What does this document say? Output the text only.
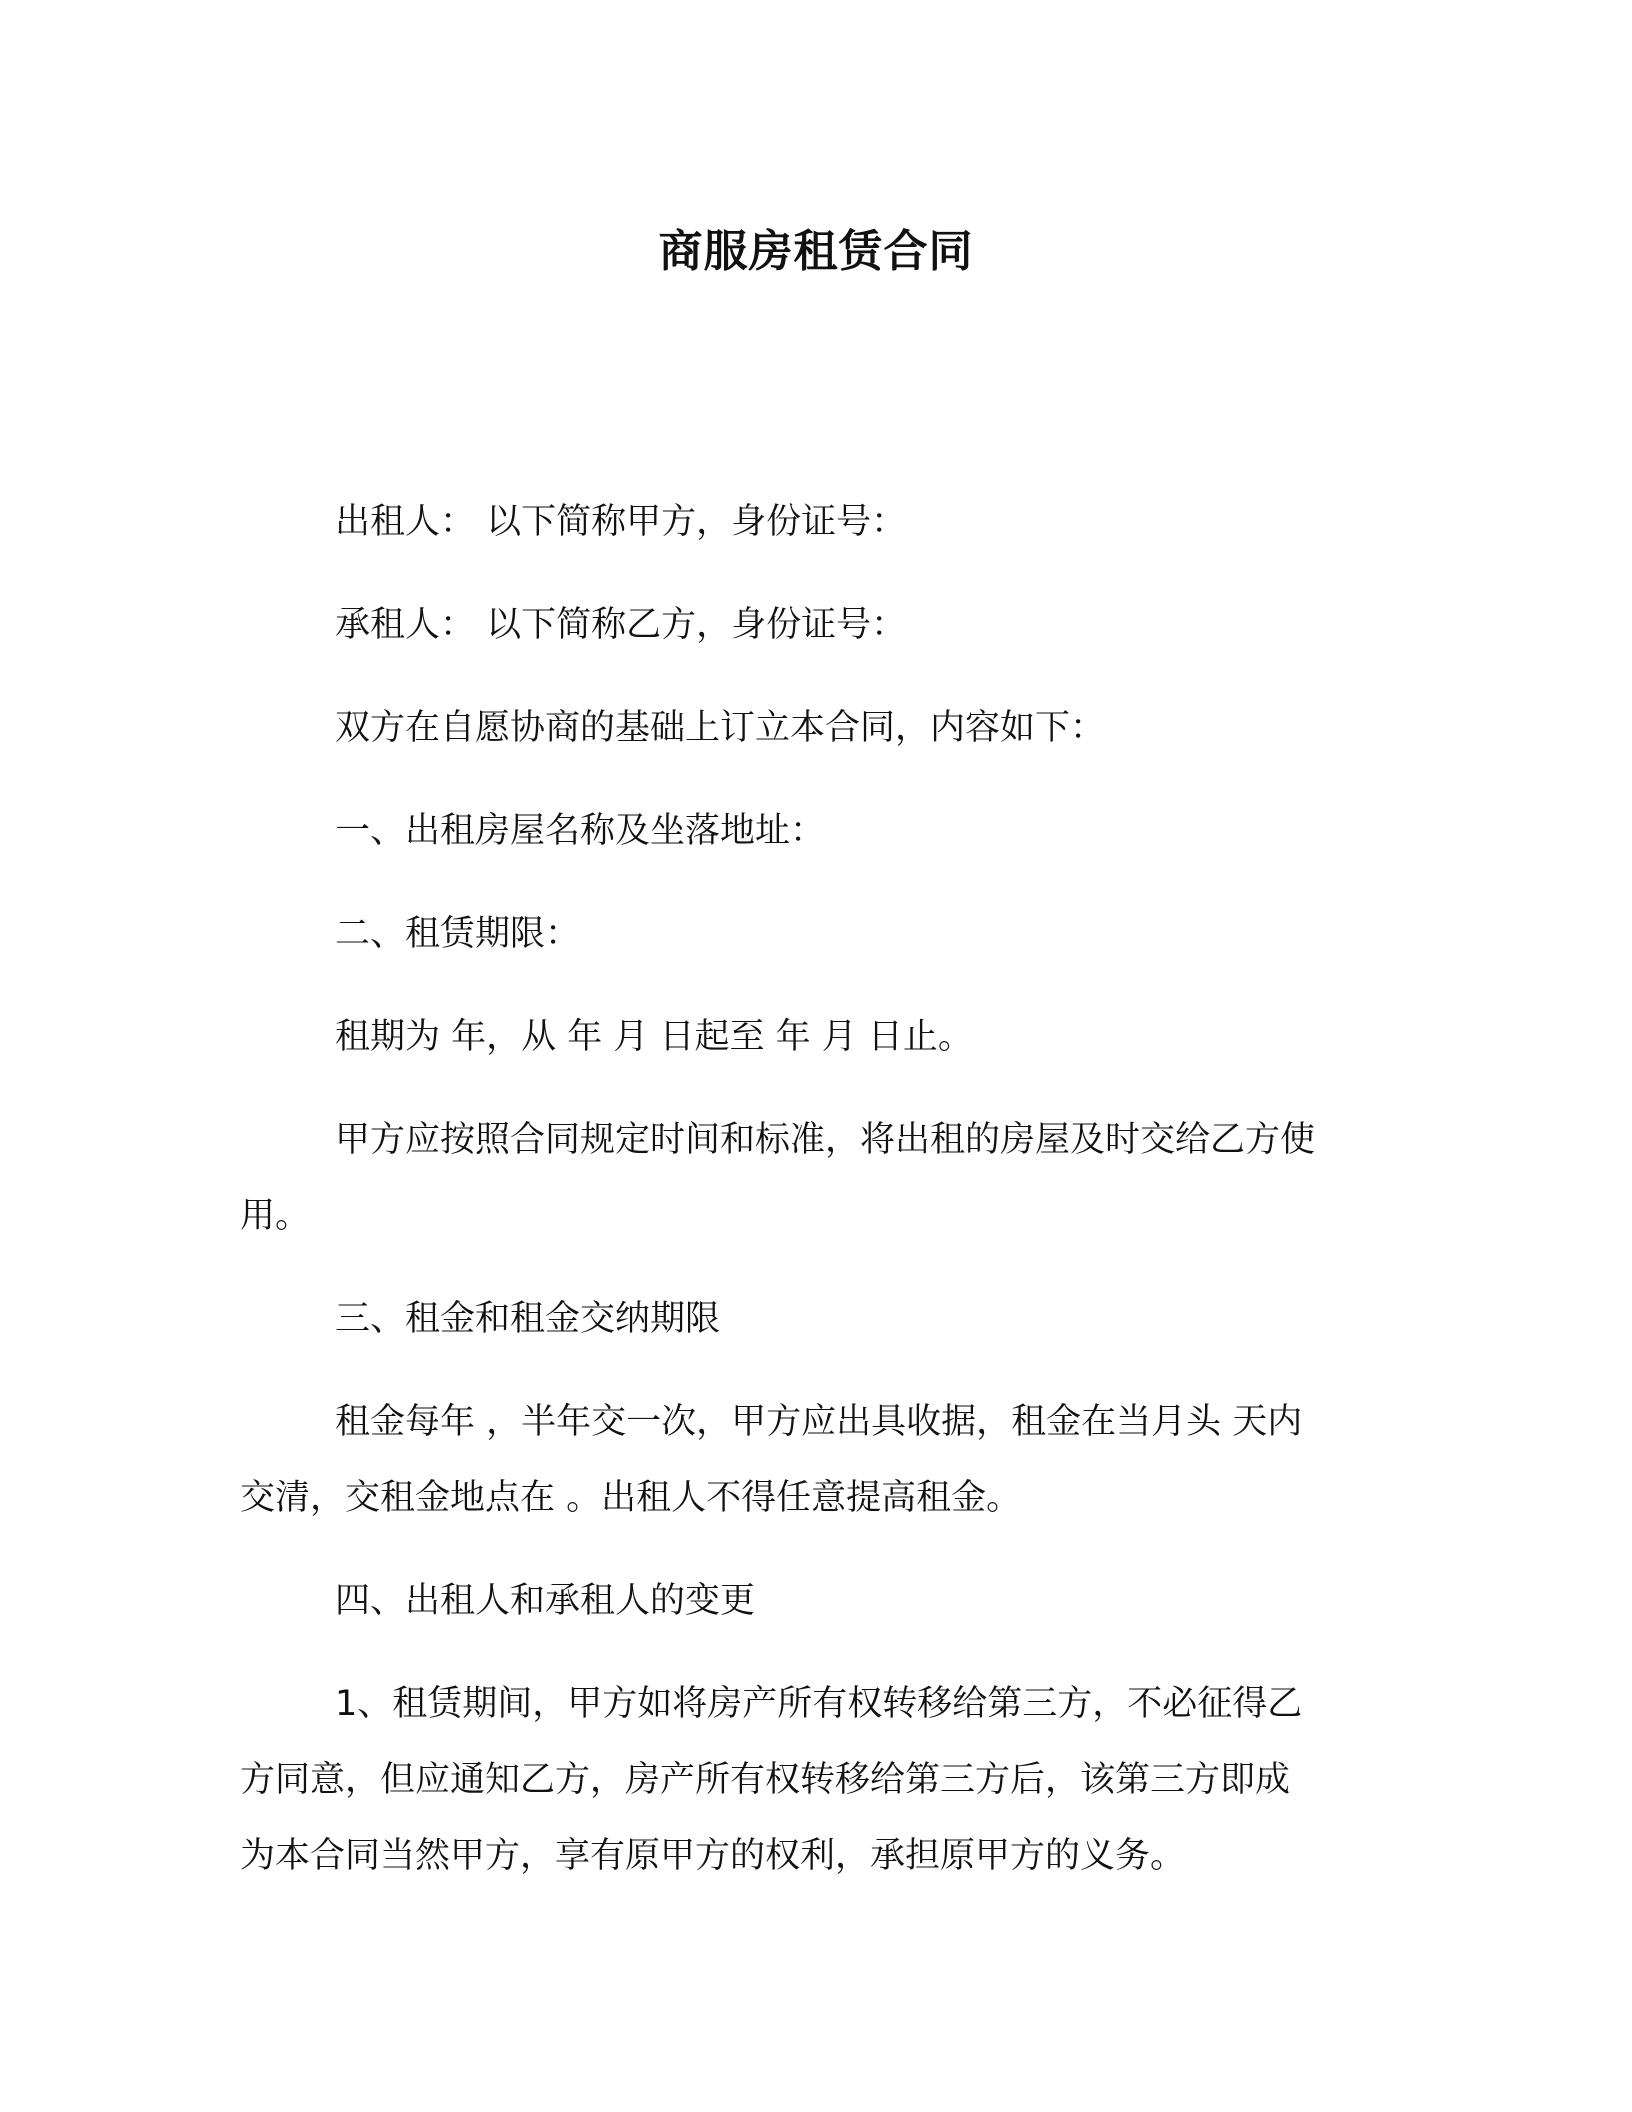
商服房租赁合同
出租人： 以下简称甲方，身份证号：
承租人： 以下简称乙方，身份证号：
双方在自愿协商的基础上订立本合同，内容如下：
一、出租房屋名称及坐落地址：
二、租赁期限：
租期为 年，从 年 月 日起至 年 月 日止。
甲方应按照合同规定时间和标准，将出租的房屋及时交给乙方使
用。
三、租金和租金交纳期限
租金每年 ，半年交一次，甲方应出具收据，租金在当月头 天内
交清，交租金地点在 。出租人不得任意提高租金。
四、出租人和承租人的变更
1、租赁期间，甲方如将房产所有权转移给第三方，不必征得乙
方同意，但应通知乙方，房产所有权转移给第三方后，该第三方即成
为本合同当然甲方，享有原甲方的权利，承担原甲方的义务。
